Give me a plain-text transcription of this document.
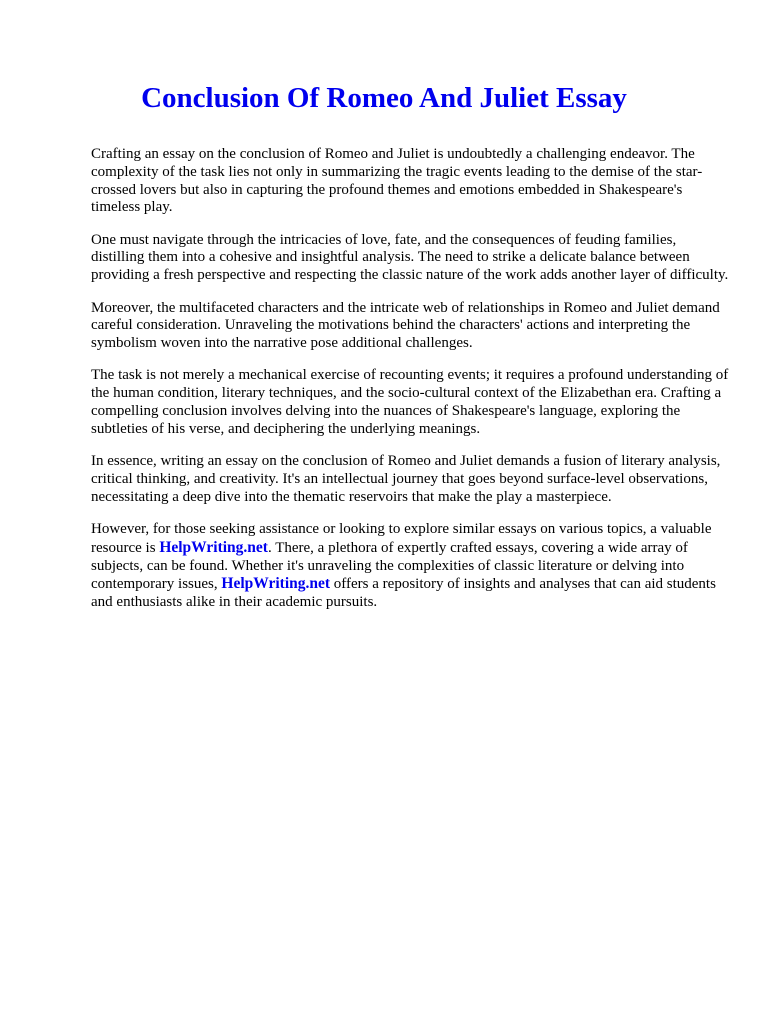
Conclusion Of Romeo And Juliet Essay

Crafting an essay on the conclusion of Romeo and Juliet is undoubtedly a challenging endeavor. The complexity of the task lies not only in summarizing the tragic events leading to the demise of the star-crossed lovers but also in capturing the profound themes and emotions embedded in Shakespeare's timeless play.

One must navigate through the intricacies of love, fate, and the consequences of feuding families, distilling them into a cohesive and insightful analysis. The need to strike a delicate balance between providing a fresh perspective and respecting the classic nature of the work adds another layer of difficulty.

Moreover, the multifaceted characters and the intricate web of relationships in Romeo and Juliet demand careful consideration. Unraveling the motivations behind the characters' actions and interpreting the symbolism woven into the narrative pose additional challenges.

The task is not merely a mechanical exercise of recounting events; it requires a profound understanding of the human condition, literary techniques, and the socio-cultural context of the Elizabethan era. Crafting a compelling conclusion involves delving into the nuances of Shakespeare's language, exploring the subtleties of his verse, and deciphering the underlying meanings.

In essence, writing an essay on the conclusion of Romeo and Juliet demands a fusion of literary analysis, critical thinking, and creativity. It's an intellectual journey that goes beyond surface-level observations, necessitating a deep dive into the thematic reservoirs that make the play a masterpiece.

However, for those seeking assistance or looking to explore similar essays on various topics, a valuable resource is HelpWriting.net. There, a plethora of expertly crafted essays, covering a wide array of subjects, can be found. Whether it's unraveling the complexities of classic literature or delving into contemporary issues, HelpWriting.net offers a repository of insights and analyses that can aid students and enthusiasts alike in their academic pursuits.
